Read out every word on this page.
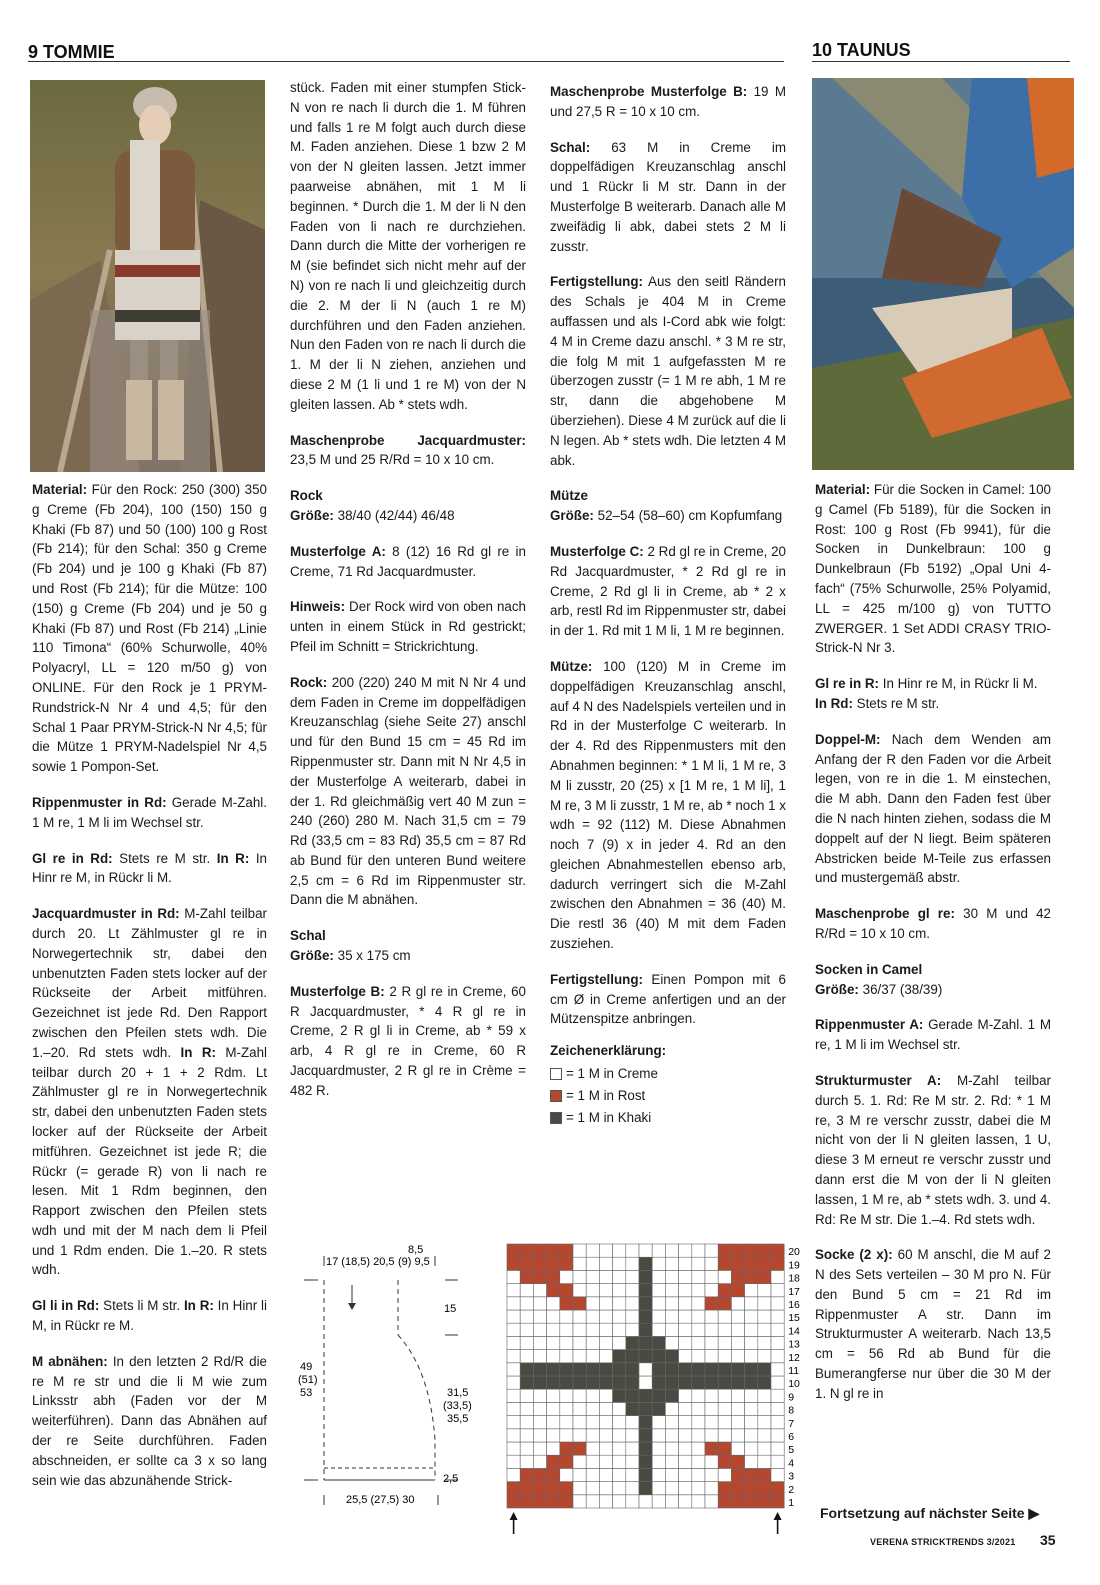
9 TOMMIE	10 TAUNUS

Material: Für den Rock: 250 (300) 350 g Creme (Fb 204), 100 (150) 150 g Khaki (Fb 87) und 50 (100) 100 g Rost (Fb 214); für den Schal: 350 g Creme (Fb 204) und je 100 g Khaki (Fb 87) und Rost (Fb 214); für die Mütze: 100 (150) g Creme (Fb 204) und je 50 g Khaki (Fb 87) und Rost (Fb 214) „Linie 110 Timona“ (60% Schurwolle, 40% Polyacryl, LL = 120 m/50 g) von ONLINE. Für den Rock je 1 PRYM-Rundstrick-N Nr 4 und 4,5; für den Schal 1 Paar PRYM-Strick-N Nr 4,5; für die Mütze 1 PRYM-Nadelspiel Nr 4,5 sowie 1 Pompon-Set.

Rippenmuster in Rd: Gerade M-Zahl. 1 M re, 1 M li im Wechsel str.

Gl re in Rd: Stets re M str. In R: In Hinr re M, in Rückr li M.

Jacquardmuster in Rd: M-Zahl teilbar durch 20. Lt Zählmuster gl re in Norwegertechnik str, dabei den unbenutzten Faden stets locker auf der Rückseite der Arbeit mitführen. Gezeichnet ist jede Rd. Den Rapport zwischen den Pfeilen stets wdh. Die 1.–20. Rd stets wdh. In R: M-Zahl teilbar durch 20 + 1 + 2 Rdm. Lt Zählmuster gl re in Norwegertechnik str, dabei den unbenutzten Faden stets locker auf der Rückseite der Arbeit mitführen. Gezeichnet ist jede R; die Rückr (= gerade R) von li nach re lesen. Mit 1 Rdm beginnen, den Rapport zwischen den Pfeilen stets wdh und mit der M nach dem li Pfeil und 1 Rdm enden. Die 1.–20. R stets wdh.

Gl li in Rd: Stets li M str. In R: In Hinr li M, in Rückr re M.

M abnähen: In den letzten 2 Rd/R die re M re str und die li M wie zum Linksstr abh (Faden vor der M weiterführen). Dann das Abnähen auf der re Seite durchführen. Faden abschneiden, er sollte ca 3 x so lang sein wie das abzunähende Strick-

stück. Faden mit einer stumpfen Stick-N von re nach li durch die 1. M führen und falls 1 re M folgt auch durch diese M. Faden anziehen. Diese 1 bzw 2 M von der N gleiten lassen. Jetzt immer paarweise abnähen, mit 1 M li beginnen. * Durch die 1. M der li N den Faden von li nach re durchziehen. Dann durch die Mitte der vorherigen re M (sie befindet sich nicht mehr auf der N) von re nach li und gleichzeitig durch die 2. M der li N (auch 1 re M) durchführen und den Faden anziehen. Nun den Faden von re nach li durch die 1. M der li N ziehen, anziehen und diese 2 M (1 li und 1 re M) von der N gleiten lassen. Ab * stets wdh.

Maschenprobe Jacquardmuster: 23,5 M und 25 R/Rd = 10 x 10 cm.

Rock
Größe: 38/40 (42/44) 46/48

Musterfolge A: 8 (12) 16 Rd gl re in Creme, 71 Rd Jacquardmuster.

Hinweis: Der Rock wird von oben nach unten in einem Stück in Rd gestrickt; Pfeil im Schnitt = Strickrichtung.

Rock: 200 (220) 240 M mit N Nr 4 und dem Faden in Creme im doppelfädigen Kreuzanschlag (siehe Seite 27) anschl und für den Bund 15 cm = 45 Rd im Rippenmuster str. Dann mit N Nr 4,5 in der Musterfolge A weiterarb, dabei in der 1. Rd gleichmäßig vert 40 M zun = 240 (260) 280 M. Nach 31,5 cm = 79 Rd (33,5 cm = 83 Rd) 35,5 cm = 87 Rd ab Bund für den unteren Bund weitere 2,5 cm = 6 Rd im Rippenmuster str. Dann die M abnähen.

Schal
Größe: 35 x 175 cm

Musterfolge B: 2 R gl re in Creme, 60 R Jacquardmuster, * 4 R gl re in Creme, 2 R gl li in Creme, ab * 59 x arb, 4 R gl re in Creme, 60 R Jacquardmuster, 2 R gl re in Crème = 482 R.

8,5
17 (18,5) 20,5 (9) 9,5
15
49
(51)
53	31,5
(33,5)
35,5
2,5
25,5 (27,5) 30

Maschenprobe Musterfolge B: 19 M und 27,5 R = 10 x 10 cm.

Schal: 63 M in Creme im doppelfädigen Kreuzanschlag anschl und 1 Rückr li M str. Dann in der Musterfolge B weiterarb. Danach alle M zweifädig li abk, dabei stets 2 M li zusstr.

Fertigstellung: Aus den seitl Rändern des Schals je 404 M in Creme auffassen und als I-Cord abk wie folgt: 4 M in Creme dazu anschl. * 3 M re str, die folg M mit 1 aufgefassten M re überzogen zusstr (= 1 M re abh, 1 M re str, dann die abgehobene M überziehen). Diese 4 M zurück auf die li N legen. Ab * stets wdh. Die letzten 4 M abk.

Mütze
Größe: 52–54 (58–60) cm Kopfumfang

Musterfolge C: 2 Rd gl re in Creme, 20 Rd Jacquardmuster, * 2 Rd gl re in Creme, 2 Rd gl li in Creme, ab * 2 x arb, restl Rd im Rippenmuster str, dabei in der 1. Rd mit 1 M li, 1 M re beginnen.

Mütze: 100 (120) M in Creme im doppelfädigen Kreuzanschlag anschl, auf 4 N des Nadelspiels verteilen und in Rd in der Musterfolge C weiterarb. In der 4. Rd des Rippenmusters mit den Abnahmen beginnen: * 1 M li, 1 M re, 3 M li zusstr, 20 (25) x [1 M re, 1 M li], 1 M re, 3 M li zusstr, 1 M re, ab * noch 1 x wdh = 92 (112) M. Diese Abnahmen noch 7 (9) x in jeder 4. Rd an den gleichen Abnahmestellen ebenso arb, dadurch verringert sich die M-Zahl zwischen den Abnahmen = 36 (40) M. Die restl 36 (40) M mit dem Faden zusziehen.

Fertigstellung: Einen Pompon mit 6 cm Ø in Creme anfertigen und an der Mützenspitze anbringen.

Zeichenerklärung:
= 1 M in Creme
= 1 M in Rost
= 1 M in Khaki
20
19
18
17
16
15
14
13
12
11
10
9
8
7
6
5
4
3
2
1

Material: Für die Socken in Camel: 100 g Camel (Fb 5189), für die Socken in Rost: 100 g Rost (Fb 9941), für die Socken in Dunkelbraun: 100 g Dunkelbraun (Fb 5192) „Opal Uni 4-fach“ (75% Schurwolle, 25% Polyamid, LL = 425 m/100 g) von TUTTO ZWERGER. 1 Set ADDI CRASY TRIO-Strick-N Nr 3.

Gl re in R: In Hinr re M, in Rückr li M.
In Rd: Stets re M str.

Doppel-M: Nach dem Wenden am Anfang der R den Faden vor die Arbeit legen, von re in die 1. M einstechen, die M abh. Dann den Faden fest über die N nach hinten ziehen, sodass die M doppelt auf der N liegt. Beim späteren Abstricken beide M-Teile zus erfassen und mustergemäß abstr.

Maschenprobe gl re: 30 M und 42 R/Rd = 10 x 10 cm.

Socken in Camel
Größe: 36/37 (38/39)

Rippenmuster A: Gerade M-Zahl. 1 M re, 1 M li im Wechsel str.

Strukturmuster A: M-Zahl teilbar durch 5. 1. Rd: Re M str. 2. Rd: * 1 M re, 3 M re verschr zusstr, dabei die M nicht von der li N gleiten lassen, 1 U, diese 3 M erneut re verschr zusstr und dann erst die M von der li N gleiten lassen, 1 M re, ab * stets wdh. 3. und 4. Rd: Re M str. Die 1.–4. Rd stets wdh.

Socke (2 x): 60 M anschl, die M auf 2 N des Sets verteilen – 30 M pro N. Für den Bund 5 cm = 21 Rd im Rippenmuster A str. Dann im Strukturmuster A weiterarb. Nach 13,5 cm = 56 Rd ab Bund für die Bumerangferse nur über die 30 M der 1. N gl re in

Fortsetzung auf nächster Seite ▶
VERENA STRICKTRENDS 3/2021 35
